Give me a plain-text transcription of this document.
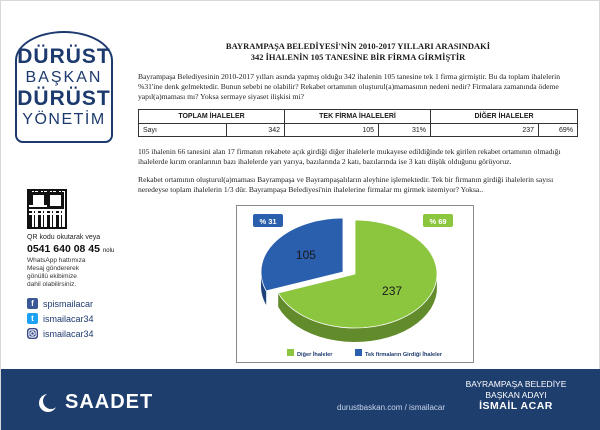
DÜRÜST
BAŞKAN
DÜRÜST
YÖNETİM
QR kodu okutarak veya
0541 640 08 45 nolu
WhatsApp hattımıza
Mesaj göndererek
gönüllü ekibimize
dahil olabilirsiniz.
f	spismailacar
t	ismailacar34
ismailacar34
BAYRAMPAŞA BELEDİYESİ'NİN 2010-2017 YILLARI ARASINDAKİ
342 İHALENİN 105 TANESİNE BİR FİRMA GİRMİŞTİR

Bayrampaşa Belediyesinin 2010-2017 yılları asında yapmış olduğu 342 ihalenin 105 tanesine tek 1 firma girmiştir. Bu da toplam ihalelerin %31'ine denk gelmektedir. Bunun sebebi ne olabilir? Rekabet ortamının oluşturul(a)mamasının nedeni nedir? Firmalara zamanında ödeme yapıl(a)maması mı? Yoksa sermaye siyaset ilişkisi mi?

TOPLAM İHALELER		TEK FİRMA İHALELERİ		DİĞER İHALELER	
Sayı	342	105	31%	237	69%

105 ihalenin 66 tanesini alan 17 firmanın rekabete açık girdiği diğer ihalelerle mukayese edildiğinde tek girilen rekabet ortamının olmadığı ihalelerde kırım oranlarının bazı ihalelerde yarı yarıya, bazılarında 2 katı, bazılarında ise 3 katı düşük olduğunu görüyoruz.

Rekabet ortamının oluşturul(a)maması Bayrampaşa ve Bayrampaşalıların aleyhine işlemektedir. Tek bir firmanın girdiği ihalelerin sayısı neredeyse toplam ihalelerin 1/3 dür. Bayrampaşa Belediyesi'nin ihalelerine firmalar mı girmek istemiyor? Yoksa..

237
105
% 31	% 69
Diğer İhaleler	Tek firmaların Girdiği İhaleler
SAADET	durustbaskan.com / ismailacar
BAYRAMPAŞA BELEDİYE
BAŞKAN ADAYI
İSMAİL ACAR
